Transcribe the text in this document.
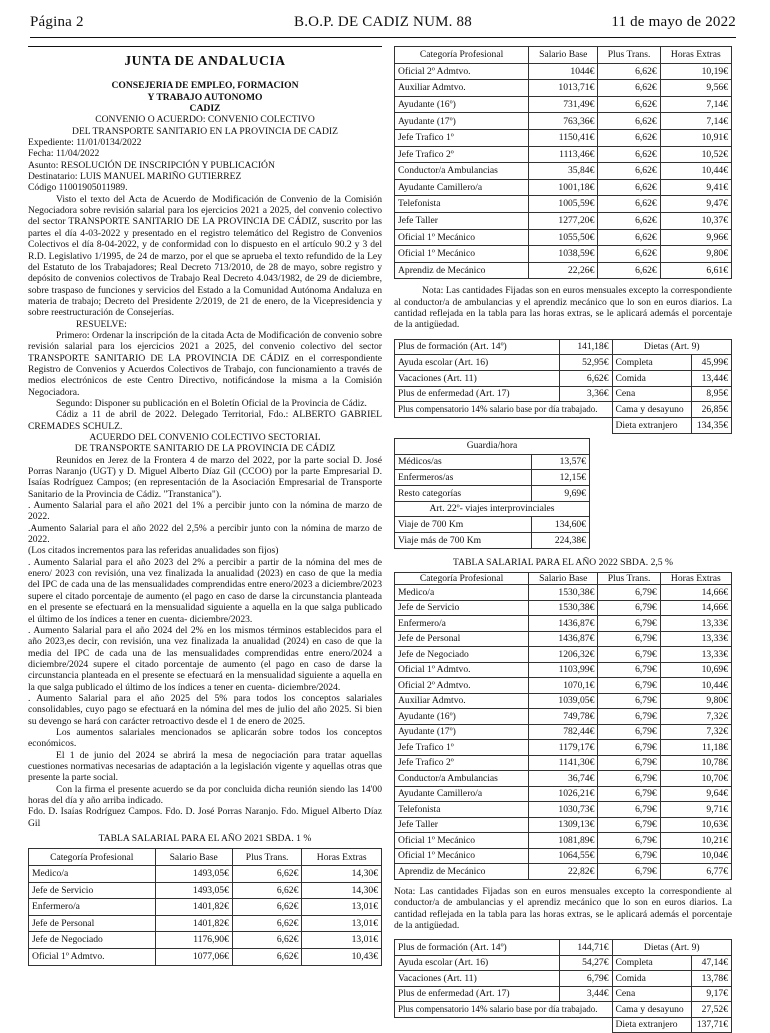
Página 2	B.O.P. DE CADIZ NUM. 88	11 de mayo de 2022
JUNTA DE ANDALUCIA
CONSEJERIA DE EMPLEO, FORMACION
Y TRABAJO AUTONOMO
CADIZ
CONVENIO O ACUERDO: CONVENIO COLECTIVO
DEL TRANSPORTE SANITARIO EN LA PROVINCIA DE CADIZ
Expediente: 11/01/0134/2022
Fecha: 11/04/2022
Asunto: RESOLUCIÓN DE INSCRIPCIÓN Y PUBLICACIÓN
Destinatario: LUIS MANUEL MARIÑO GUTIERREZ
Código 11001905011989.

Visto el texto del Acta de Acuerdo de Modificación de Convenio de la Comisión Negociadora sobre revisión salarial para los ejercicios 2021 a 2025, del convenio colectivo del sector TRANSPORTE SANITARIO DE LA PROVINCIA DE CÁDIZ, suscrito por las partes el día 4-03-2022 y presentado en el registro telemático del Registro de Convenios Colectivos el día 8-04-2022, y de conformidad con lo dispuesto en el artículo 90.2 y 3 del R.D. Legislativo 1/1995, de 24 de marzo, por el que se aprueba el texto refundido de la Ley del Estatuto de los Trabajadores; Real Decreto 713/2010, de 28 de mayo, sobre registro y depósito de convenios colectivos de Trabajo Real Decreto 4.043/1982, de 29 de diciembre, sobre traspaso de funciones y servicios del Estado a la Comunidad Autónoma Andaluza en materia de trabajo; Decreto del Presidente 2/2019, de 21 de enero, de la Vicepresidencia y sobre reestructuración de Consejerías.

RESUELVE:

Primero: Ordenar la inscripción de la citada Acta de Modificación de convenio sobre revisión salarial para los ejercicios 2021 a 2025, del convenio colectivo del sector TRANSPORTE SANITARIO DE LA PROVINCIA DE CÁDIZ en el correspondiente Registro de Convenios y Acuerdos Colectivos de Trabajo, con funcionamiento a través de medios electrónicos de este Centro Directivo, notificándose la misma a la Comisión Negociadora.

Segundo: Disponer su publicación en el Boletín Oficial de la Provincia de Cádiz.

Cádiz a 11 de abril de 2022. Delegado Territorial, Fdo.: ALBERTO GABRIEL CREMADES SCHULZ.

ACUERDO DEL CONVENIO COLECTIVO SECTORIAL
DE TRANSPORTE SANITARIO DE LA PROVINCIA DE CÁDIZ

Reunidos en Jerez de la Frontera 4 de marzo del 2022, por la parte social D. José Porras Naranjo (UGT) y D. Miguel Alberto Díaz Gil (CCOO) por la parte Empresarial D. Isaías Rodríguez Campos; (en representación de la Asociación Empresarial de Transporte Sanitario de la Provincia de Cádiz. "Transtanica").

. Aumento Salarial para el año 2021 del 1% a percibir junto con la nómina de marzo de 2022.

.Aumento Salarial para el año 2022 del 2,5% a percibir junto con la nómina de marzo de 2022.

(Los citados incrementos para las referidas anualidades son fijos)

. Aumento Salarial para el año 2023 del 2% a percibir a partir de la nómina del mes de enero/ 2023 con revisión, una vez finalizada la anualidad (2023) en caso de que la media del IPC de cada una de las mensualidades comprendidas entre enero/2023 a diciembre/2023 supere el citado porcentaje de aumento (el pago en caso de darse la circunstancia planteada en el presente se efectuará en la mensualidad siguiente a aquella en la que salga publicado el último de los índices a tener en cuenta- diciembre/2023.

. Aumento Salarial para el año 2024 del 2% en los mismos términos establecidos para el año 2023,es decir, con revisión, una vez finalizada la anualidad (2024) en caso de que la media del IPC de cada una de las mensualidades comprendidas entre enero/2024 a diciembre/2024 supere el citado porcentaje de aumento (el pago en caso de darse la circunstancia planteada en el presente se efectuará en la mensualidad siguiente a aquella en la que salga publicado el último de los índices a tener en cuenta- diciembre/2024.

. Aumento Salarial para el año 2025 del 5% para todos los conceptos salariales consolidables, cuyo pago se efectuará en la nómina del mes de julio del año 2025. Si bien su devengo se hará con carácter retroactivo desde el 1 de enero de 2025.

Los aumentos salariales mencionados se aplicarán sobre todos los conceptos económicos.

El 1 de junio del 2024 se abrirá la mesa de negociación para tratar aquellas cuestiones normativas necesarias de adaptación a la legislación vigente y aquellas otras que presente la parte social.

Con la firma el presente acuerdo se da por concluida dicha reunión siendo las 14'00 horas del día y año arriba indicado.

Fdo. D. Isaías Rodríguez Campos. Fdo. D. José Porras Naranjo. Fdo. Miguel Alberto Díaz Gil

TABLA SALARIAL PARA EL AÑO 2021 SBDA. 1 %
Categoría Profesional	Salario Base	Plus Trans.	Horas Extras
Medico/a	1493,05€	6,62€	14,30€
Jefe de Servicio	1493,05€	6,62€	14,30€
Enfermero/a	1401,82€	6,62€	13,01€
Jefe de Personal	1401,82€	6,62€	13,01€
Jefe de Negociado	1176,90€	6,62€	13,01€
Oficial 1º Admtvo.	1077,06€	6,62€	10,43€
Categoría Profesional	Salario Base	Plus Trans.	Horas Extras
Oficial 2º Admtvo.	1044€	6,62€	10,19€
Auxiliar Admtvo.	1013,71€	6,62€	9,56€
Ayudante (16º)	731,49€	6,62€	7,14€
Ayudante (17º)	763,36€	6,62€	7,14€
Jefe Trafico 1º	1150,41€	6,62€	10,91€
Jefe Trafico 2º	1113,46€	6,62€	10,52€
Conductor/a Ambulancias	35,84€	6,62€	10,44€
Ayudante Camillero/a	1001,18€	6,62€	9,41€
Telefonista	1005,59€	6,62€	9,47€
Jefe Taller	1277,20€	6,62€	10,37€
Oficial 1º Mecánico	1055,50€	6,62€	9,96€
Oficial 1º Mecánico	1038,59€	6,62€	9,80€
Aprendiz de Mecánico	22,26€	6,62€	6,61€

Nota: Las cantidades Fijadas son en euros mensuales excepto la correspondiente al conductor/a de ambulancias y el aprendiz mecánico que lo son en euros diarios. La cantidad reflejada en la tabla para las horas extras, se le aplicará además el porcentaje de la antigüedad.

Plus de formación (Art. 14º)	141,18€	Dietas (Art. 9)	
Ayuda escolar (Art. 16)	52,95€	Completa	45,99€
Vacaciones (Art. 11)	6,62€	Comida	13,44€
Plus de enfermedad (Art. 17)	3,36€	Cena	8,95€
Plus compensatorio 14% salario base por día trabajado.		Cama y desayuno	26,85€
		Dieta extranjero	134,35€
Guardia/hora	
Médicos/as	13,57€
Enfermeros/as	12,15€
Resto categorías	9,69€
Art. 22º- viajes interprovinciales	
Viaje de 700 Km	134,60€
Viaje más de 700 Km	224,38€
TABLA SALARIAL PARA EL AÑO 2022 SBDA. 2,5 %
Categoría Profesional	Salario Base	Plus Trans.	Horas Extras
Medico/a	1530,38€	6,79€	14,66€
Jefe de Servicio	1530,38€	6,79€	14,66€
Enfermero/a	1436,87€	6,79€	13,33€
Jefe de Personal	1436,87€	6,79€	13,33€
Jefe de Negociado	1206,32€	6,79€	13,33€
Oficial 1º Admtvo.	1103,99€	6,79€	10,69€
Oficial 2º Admtvo.	1070,1€	6,79€	10,44€
Auxiliar Admtvo.	1039,05€	6,79€	9,80€
Ayudante (16º)	749,78€	6,79€	7,32€
Ayudante (17º)	782,44€	6,79€	7,32€
Jefe Trafico 1º	1179,17€	6,79€	11,18€
Jefe Trafico 2º	1141,30€	6,79€	10,78€
Conductor/a Ambulancias	36,74€	6,79€	10,70€
Ayudante Camillero/a	1026,21€	6,79€	9,64€
Telefonista	1030,73€	6,79€	9,71€
Jefe Taller	1309,13€	6,79€	10,63€
Oficial 1º Mecánico	1081,89€	6,79€	10,21€
Oficial 1º Mecánico	1064,55€	6,79€	10,04€
Aprendiz de Mecánico	22,82€	6,79€	6,77€

Nota: Las cantidades Fijadas son en euros mensuales excepto la correspondiente al conductor/a de ambulancias y el aprendiz mecánico que lo son en euros diarios. La cantidad reflejada en la tabla para las horas extras, se le aplicará además el porcentaje de la antigüedad.

Plus de formación (Art. 14º)	144,71€	Dietas (Art. 9)	
Ayuda escolar (Art. 16)	54,27€	Completa	47,14€
Vacaciones (Art. 11)	6,79€	Comida	13,78€
Plus de enfermedad (Art. 17)	3,44€	Cena	9,17€
Plus compensatorio 14% salario base por día trabajado.		Cama y desayuno	27,52€
		Dieta extranjero	137,71€
